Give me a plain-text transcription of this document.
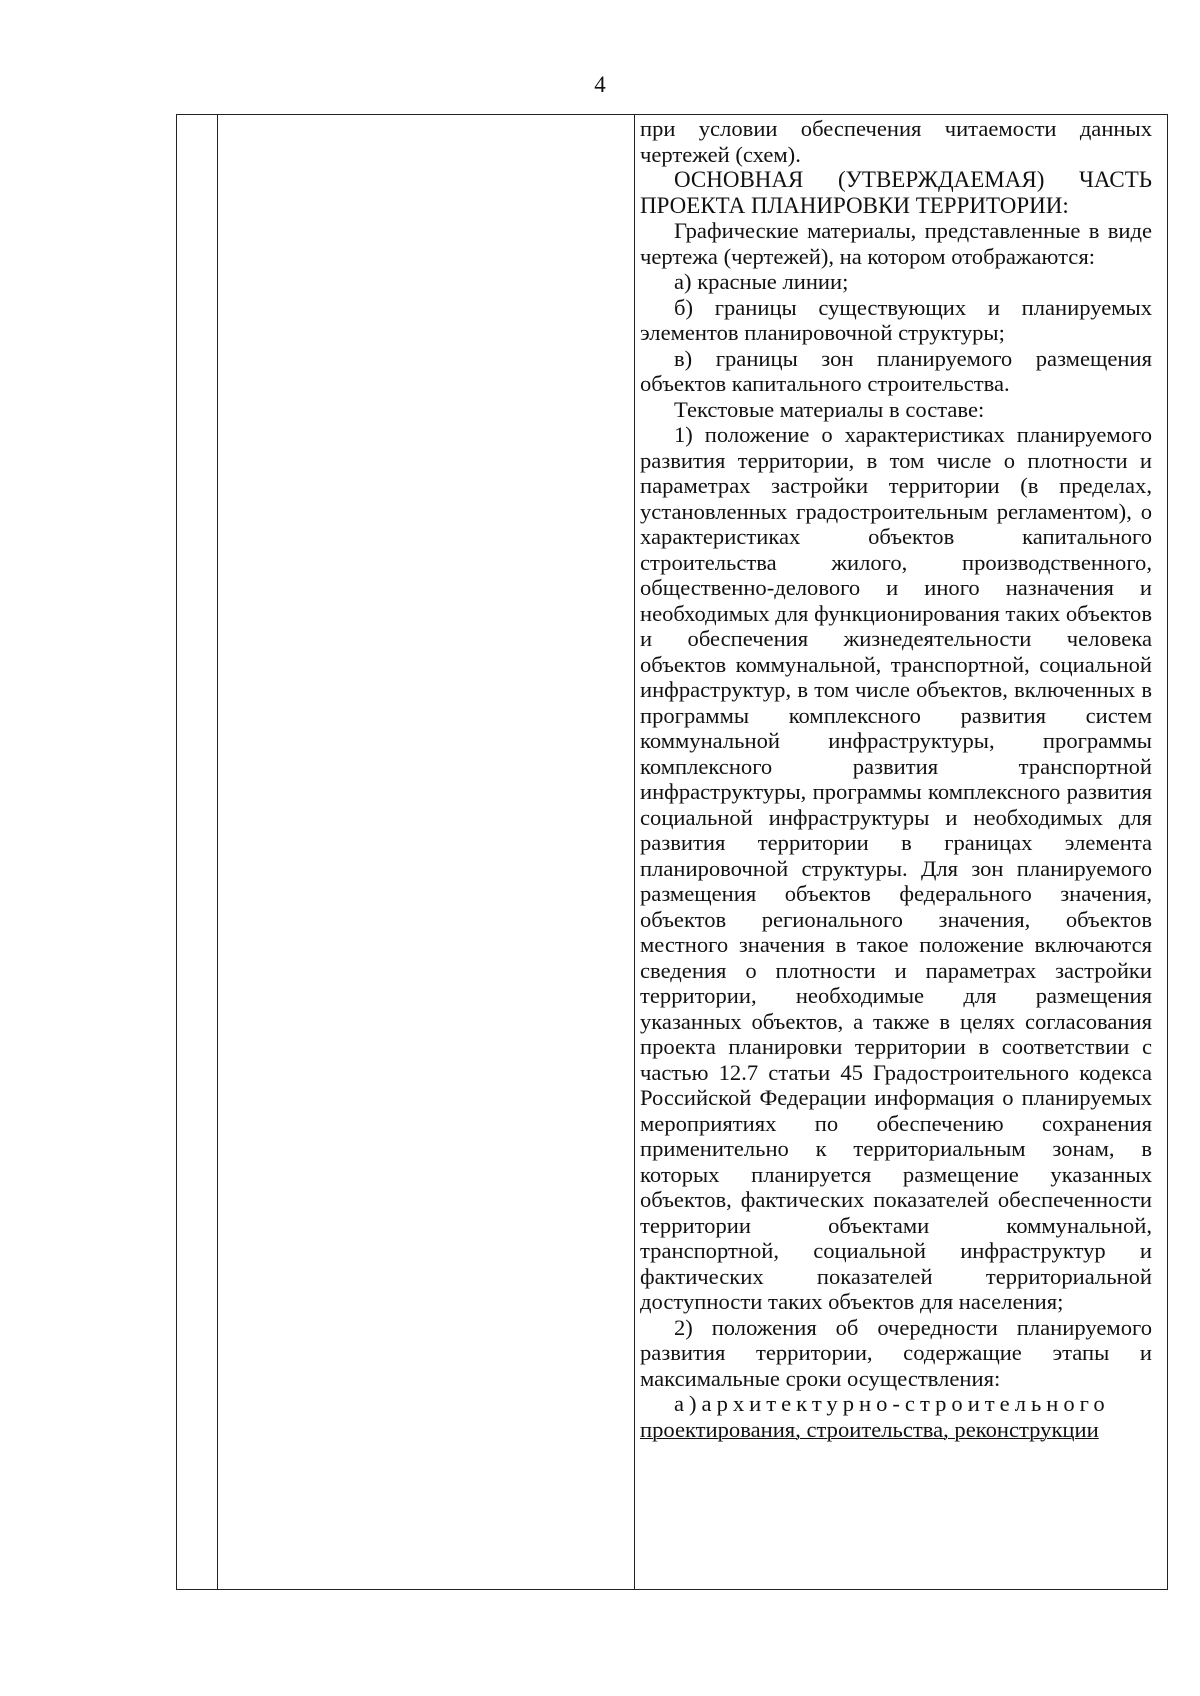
4

при условии обеспечения читаемости данных чертежей (схем).

ОСНОВНАЯ (УТВЕРЖДАЕМАЯ) ЧАСТЬ ПРОЕКТА ПЛАНИРОВКИ ТЕРРИТОРИИ:

Графические материалы, представленные в виде чертежа (чертежей), на котором отображаются:

а) красные линии;

б) границы существующих и планируемых элементов планировочной структуры;

в) границы зон планируемого размещения объектов капитального строительства.

Текстовые материалы в составе:

1) положение о характеристиках планируемого развития территории, в том числе о плотности и параметрах застройки территории (в пределах, установленных градостроительным регламентом), о характеристиках объектов капитального строительства жилого, производственного, общественно-делового и иного назначения и необходимых для функционирования таких объектов и обеспечения жизнедеятельности человека объектов коммунальной, транспортной, социальной инфраструктур, в том числе объектов, включенных в программы комплексного развития систем коммунальной инфраструктуры, программы комплексного развития транспортной инфраструктуры, программы комплексного развития социальной инфраструктуры и необходимых для развития территории в границах элемента планировочной структуры. Для зон планируемого размещения объектов федерального значения, объектов регионального значения, объектов местного значения в такое положение включаются сведения о плотности и параметрах застройки территории, необходимые для размещения указанных объектов, а также в целях согласования проекта планировки территории в соответствии с частью 12.7 статьи 45 Градостроительного кодекса Российской Федерации информация о планируемых мероприятиях по обеспечению сохранения применительно к территориальным зонам, в которых планируется размещение указанных объектов, фактических показателей обеспеченности территории объектами коммунальной, транспортной, социальной инфраструктур и фактических показателей территориальной доступности таких объектов для населения;

2) положения об очередности планируемого развития территории, содержащие этапы и максимальные сроки осуществления:

а)архитектурно-строительного

проектирования, строительства, реконструкции
